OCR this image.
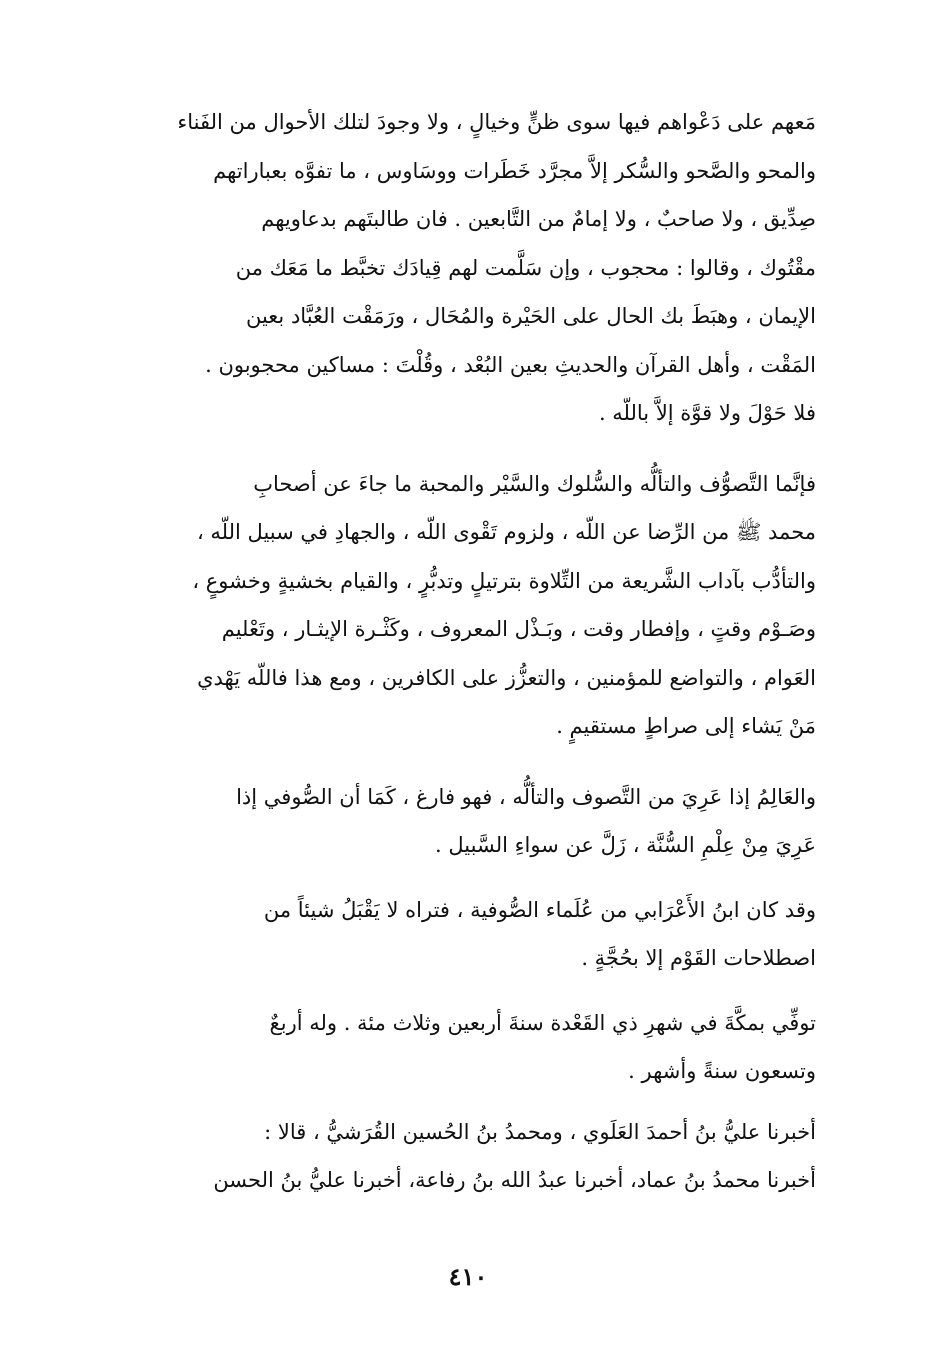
مَعهم على دَعْواهم فيها سوى ظنٍّ وخيالٍ ، ولا وجودَ لتلك الأحوال من الفَناء
والمحو والصَّحو والسُّكر إلاَّ مجرَّد خَطَرات ووسَاوس ، ما تفوَّه بعباراتهم
صِدِّيق ، ولا صاحبٌ ، ولا إمامٌ من التَّابعين . فان طالبتَهم بدعاويهم
مقْتُوك ، وقالوا : محجوب ، وإن سَلَّمت لهم قِيادَك تخبَّط ما مَعَك من
الإيمان ، وهبَطَ بك الحال على الحَيْرة والمُحَال ، ورَمَقْت العُبَّاد بعين
المَقْت ، وأهل القرآن والحديثِ بعين البُعْد ، وقُلْتَ : مساكين محجوبون .
فلا حَوْلَ ولا قوَّة إلاَّ باللّه .

فإنَّما التَّصوُّف والتألُّه والسُّلوك والسَّيْر والمحبة ما جاءَ عن أصحابِ
محمد ﷺ من الرِّضا عن اللّه ، ولزوم تَقْوى اللّه ، والجهادِ في سبيل اللّه ،
والتأدُّب بآداب الشَّريعة من التِّلاوة بترتيلٍ وتدبُّرٍ ، والقيام بخشيةٍ وخشوعٍ ،
وصَـوْم وقتٍ ، وإفطار وقت ، وبَـذْل المعروف ، وكَثْـرة الإيثـار ، وتَعْليم
العَوام ، والتواضع للمؤمنين ، والتعزُّز على الكافرين ، ومع هذا فاللّه يَهْدي
مَنْ يَشاء إلى صراطٍ مستقيمٍ .

والعَالِمُ إذا عَرِيَ من التَّصوف والتألُّه ، فهو فارغ ، كَمَا أن الصُّوفي إذا
عَرِيَ مِنْ عِلْمِ السُّنَّة ، زَلَّ عن سواءِ السَّبيل .

وقد كان ابنُ الأَعْرَابي من عُلَماء الصُّوفية ، فتراه لا يَقْبَلُ شيئاً من
اصطلاحات القَوْم إلا بحُجَّةٍ .

توفِّي بمكَّةَ في شهرِ ذي القَعْدة سنةَ أربعين وثلاث مئة . وله أربعٌ
وتسعون سنةً وأشهر .

أخبرنا عليُّ بنُ أحمدَ العَلَوي ، ومحمدُ بنُ الحُسين القُرَشيُّ ، قالا :
أخبرنا محمدُ بنُ عماد، أخبرنا عبدُ الله بنُ رفاعة، أخبرنا عليُّ بنُ الحسن

٤١٠
